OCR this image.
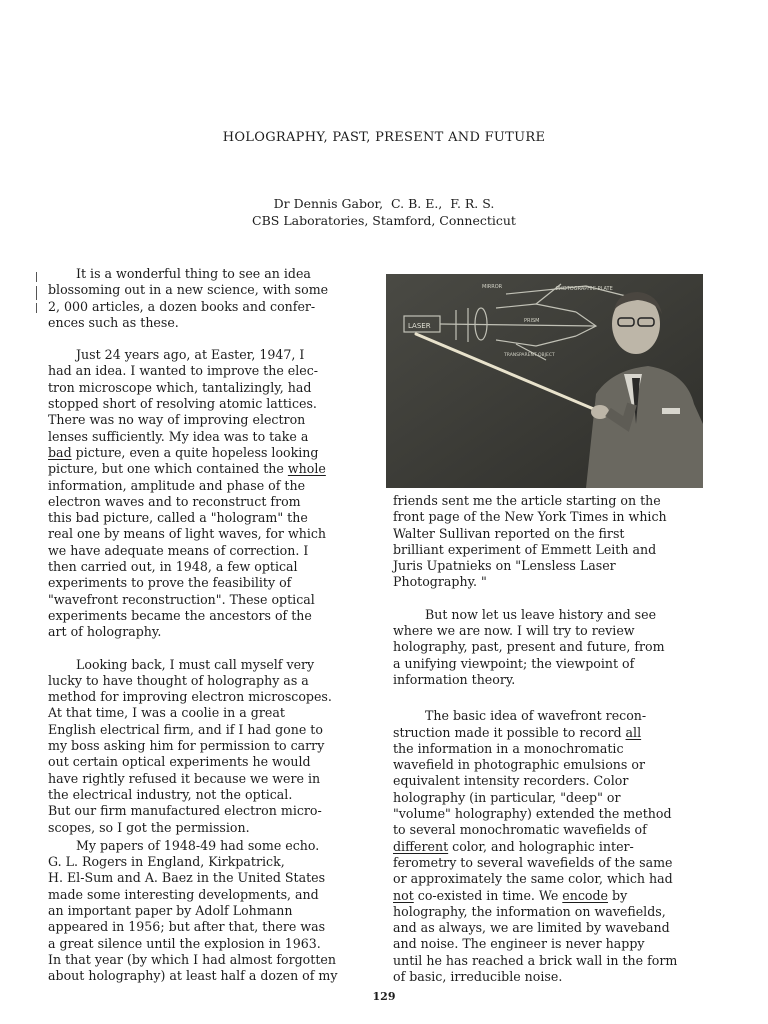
HOLOGRAPHY, PAST, PRESENT AND FUTURE
Dr Dennis Gabor,  C. B. E.,  F. R. S.
CBS Laboratories, Stamford, Connecticut
It is a wonderful thing to see an idea
blossoming out in a new science, with some
2, 000 articles, a dozen books and confer-
ences such as these.
Just 24 years ago, at Easter, 1947, I
had an idea. I wanted to improve the elec-
tron microscope which, tantalizingly, had
stopped short of resolving atomic lattices.
There was no way of improving electron
lenses sufficiently. My idea was to take a
bad picture, even a quite hopeless looking
picture, but one which contained the whole
information, amplitude and phase of the
electron waves and to reconstruct from
this bad picture, called a "hologram" the
real one by means of light waves, for which
we have adequate means of correction. I
then carried out, in 1948, a few optical
experiments to prove the feasibility of
"wavefront reconstruction". These optical
experiments became the ancestors of the
art of holography.
Looking back, I must call myself very
lucky to have thought of holography as a
method for improving electron microscopes.
At that time, I was a coolie in a great
English electrical firm, and if I had gone to
my boss asking him for permission to carry
out certain optical experiments he would
have rightly refused it because we were in
the electrical industry, not the optical.
But our firm manufactured electron micro-
scopes, so I got the permission.
My papers of 1948-49 had some echo.
G. L. Rogers in England, Kirkpatrick,
H. El-Sum and A. Baez in the United States
made some interesting developments, and
an important paper by Adolf Lohmann
appeared in 1956; but after that, there was
a great silence until the explosion in 1963.
In that year (by which I had almost forgotten
about holography) at least half a dozen of my
LASER
MIRROR	PHOTOGRAPHIC PLATE
PRISM
TRANSPARENT OBJECT
friends sent me the article starting on the
front page of the New York Times in which
Walter Sullivan reported on the first
brilliant experiment of Emmett Leith and
Juris Upatnieks on "Lensless Laser
Photography. "
But now let us leave history and see
where we are now. I will try to review
holography, past, present and future, from
a unifying viewpoint; the viewpoint of
information theory.
The basic idea of wavefront recon-
struction made it possible to record all
the information in a monochromatic
wavefield in photographic emulsions or
equivalent intensity recorders. Color
holography (in particular, "deep" or
"volume" holography) extended the method
to several monochromatic wavefields of
different color, and holographic inter-
ferometry to several wavefields of the same
or approximately the same color, which had
not co-existed in time. We encode by
holography, the information on wavefields,
and as always, we are limited by waveband
and noise. The engineer is never happy
until he has reached a brick wall in the form
of basic, irreducible noise.
129
